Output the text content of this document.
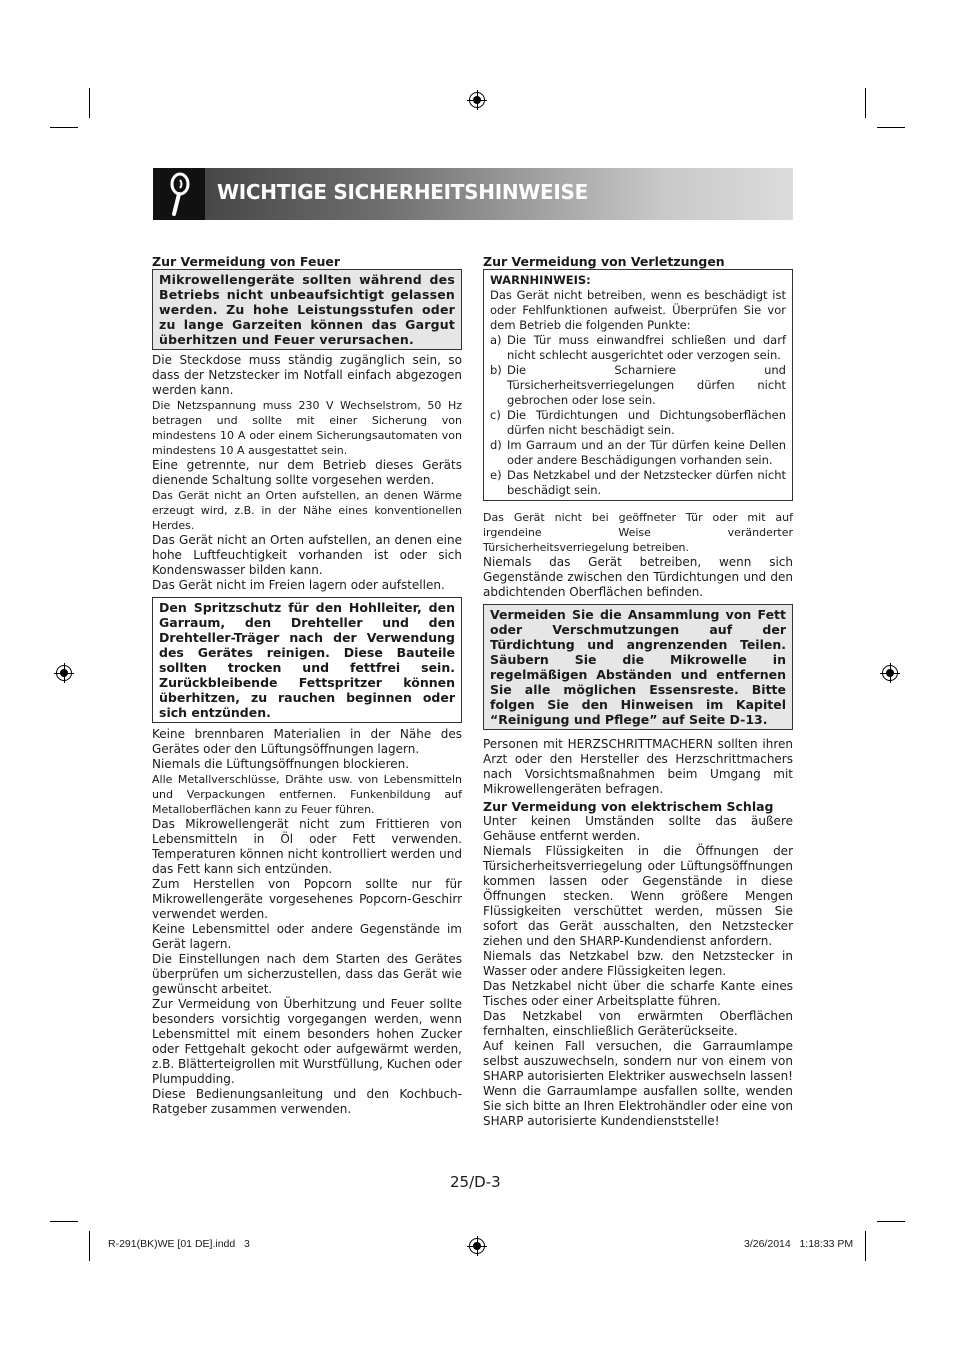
WICHTIGE SICHERHEITSHINWEISE

Zur Vermeidung von Feuer

Mikrowellengeräte sollten während des Betriebs nicht unbeaufsichtigt gelassen werden. Zu hohe Leistungsstufen oder zu lange Garzeiten können das Gargut überhitzen und Feuer verursachen.

Die Steckdose muss ständig zugänglich sein, so dass der Netzstecker im Notfall einfach abgezogen werden kann.

Die Netzspannung muss 230 V Wechselstrom, 50 Hz betragen und sollte mit einer Sicherung von mindestens 10 A oder einem Sicherungsautomaten von mindestens 10 A ausgestattet sein.

Eine getrennte, nur dem Betrieb dieses Geräts dienende Schaltung sollte vorgesehen werden.

Das Gerät nicht an Orten aufstellen, an denen Wärme erzeugt wird, z.B. in der Nähe eines konventionellen Herdes.

Das Gerät nicht an Orten aufstellen, an denen eine hohe Luftfeuchtigkeit vorhanden ist oder sich Kondenswasser bilden kann.

Das Gerät nicht im Freien lagern oder aufstellen.

Den Spritzschutz für den Hohlleiter, den Garraum, den Drehteller und den Drehteller-Träger nach der Verwendung des Gerätes reinigen. Diese Bauteile sollten trocken und fettfrei sein. Zurückbleibende Fettspritzer können überhitzen, zu rauchen beginnen oder sich entzünden.

Keine brennbaren Materialien in der Nähe des Gerätes oder den Lüftungsöffnungen lagern.

Niemals die Lüftungsöffnungen blockieren.

Alle Metallverschlüsse, Drähte usw. von Lebensmitteln und Verpackungen entfernen. Funkenbildung auf Metalloberflächen kann zu Feuer führen.

Das Mikrowellengerät nicht zum Frittieren von Lebensmitteln in Öl oder Fett verwenden. Temperaturen können nicht kontrolliert werden und das Fett kann sich entzünden.

Zum Herstellen von Popcorn sollte nur für Mikrowellengeräte vorgesehenes Popcorn-Geschirr verwendet werden.

Keine Lebensmittel oder andere Gegenstände im Gerät lagern.

Die Einstellungen nach dem Starten des Gerätes überprüfen um sicherzustellen, dass das Gerät wie gewünscht arbeitet.

Zur Vermeidung von Überhitzung und Feuer sollte besonders vorsichtig vorgegangen werden, wenn Lebensmittel mit einem besonders hohen Zucker oder Fettgehalt gekocht oder aufgewärmt werden, z.B. Blätterteigrollen mit Wurstfüllung, Kuchen oder Plumpudding.

Diese Bedienungsanleitung und den Kochbuch-Ratgeber zusammen verwenden.

Zur Vermeidung von Verletzungen

WARNHINWEIS:
Das Gerät nicht betreiben, wenn es beschädigt ist oder Fehlfunktionen aufweist. Überprüfen Sie vor dem Betrieb die folgenden Punkte:
a) Die Tür muss einwandfrei schließen und darf nicht schlecht ausgerichtet oder verzogen sein.
b) Die Scharniere und Türsicherheitsverriegelungen dürfen nicht gebrochen oder lose sein.
c) Die Türdichtungen und Dichtungsoberflächen dürfen nicht beschädigt sein.
d) Im Garraum und an der Tür dürfen keine Dellen oder andere Beschädigungen vorhanden sein.
e) Das Netzkabel und der Netzstecker dürfen nicht beschädigt sein.

Das Gerät nicht bei geöffneter Tür oder mit auf irgendeine Weise veränderter Türsicherheitsverriegelung betreiben.

Niemals das Gerät betreiben, wenn sich Gegenstände zwischen den Türdichtungen und den abdichtenden Oberflächen befinden.

Vermeiden Sie die Ansammlung von Fett oder Verschmutzungen auf der Türdichtung und angrenzenden Teilen. Säubern Sie die Mikrowelle in regelmäßigen Abständen und entfernen Sie alle möglichen Essensreste. Bitte folgen Sie den Hinweisen im Kapitel “Reinigung und Pflege” auf Seite D-13.

Personen mit HERZSCHRITTMACHERN sollten ihren Arzt oder den Hersteller des Herzschrittmachers nach Vorsichtsmaßnahmen beim Umgang mit Mikrowellengeräten befragen.

Zur Vermeidung von elektrischem Schlag

Unter keinen Umständen sollte das äußere Gehäuse entfernt werden.

Niemals Flüssigkeiten in die Öffnungen der Türsicherheitsverriegelung oder Lüftungsöffnungen kommen lassen oder Gegenstände in diese Öffnungen stecken. Wenn größere Mengen Flüssigkeiten verschüttet werden, müssen Sie sofort das Gerät ausschalten, den Netzstecker ziehen und den SHARP-Kundendienst anfordern.

Niemals das Netzkabel bzw. den Netzstecker in Wasser oder andere Flüssigkeiten legen.

Das Netzkabel nicht über die scharfe Kante eines Tisches oder einer Arbeitsplatte führen.

Das Netzkabel von erwärmten Oberflächen fernhalten, einschließlich Geräterückseite.

Auf keinen Fall versuchen, die Garraumlampe selbst auszuwechseln, sondern nur von einem von SHARP autorisierten Elektriker auswechseln lassen! Wenn die Garraumlampe ausfallen sollte, wenden Sie sich bitte an Ihren Elektrohändler oder eine von SHARP autorisierte Kundendienststelle!

25/D-3
R-291(BK)WE [01 DE].indd   3	3/26/2014   1:18:33 PM
